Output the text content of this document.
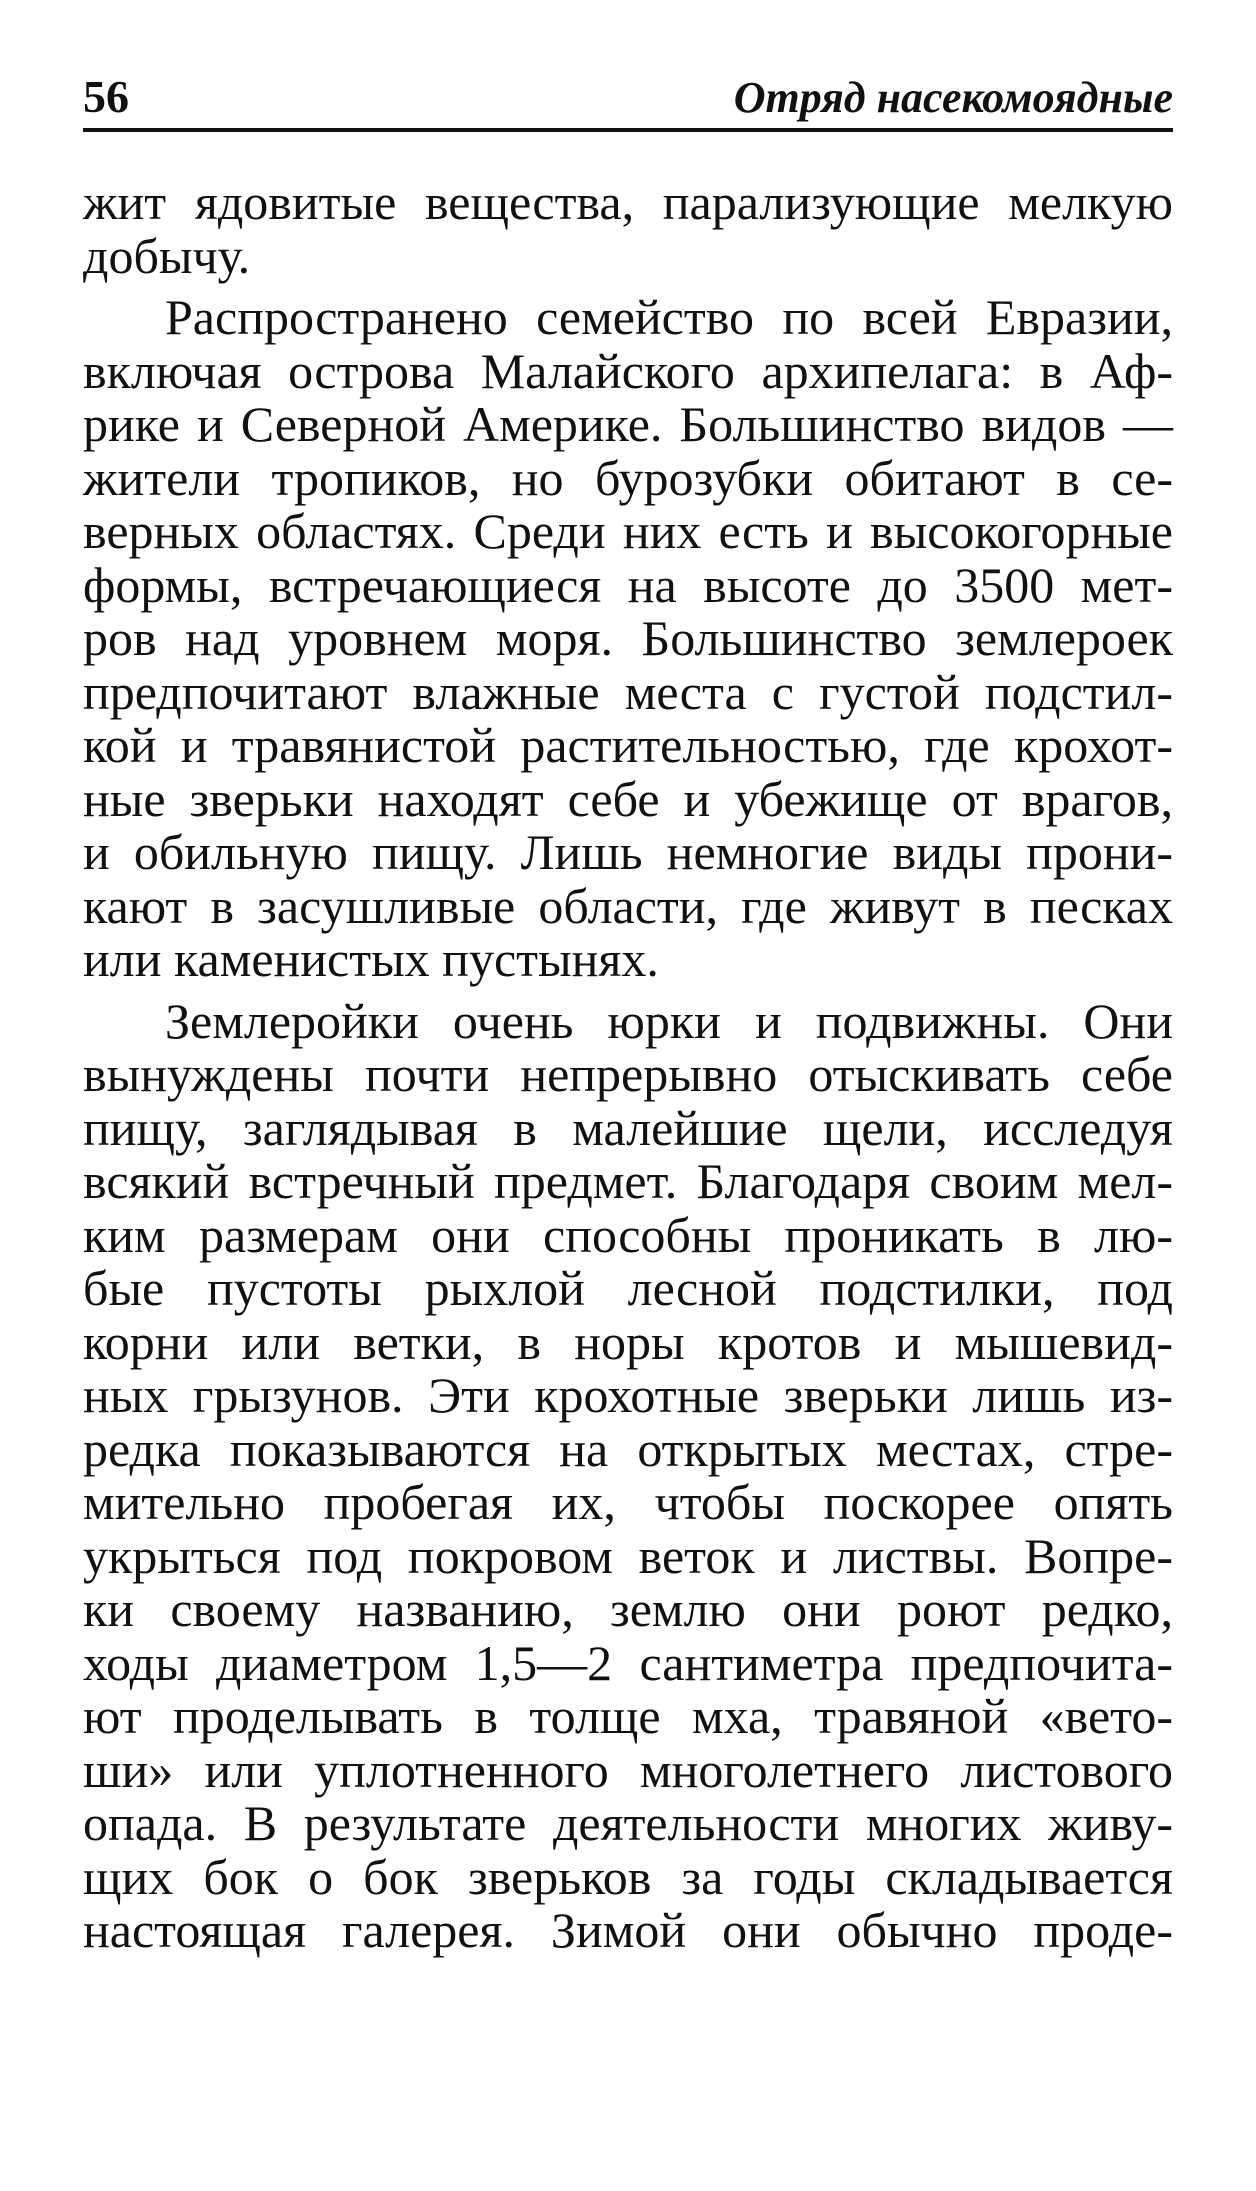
56	Отряд насекомоядные
жит ядовитые вещества, парализующие мелкую
добычу.
Распространено семейство по всей Евразии,
включая острова Малайского архипелага: в Аф-
рике и Северной Америке. Большинство видов —
жители тропиков, но бурозубки обитают в се-
верных областях. Среди них есть и высокогорные
формы, встречающиеся на высоте до 3500 мет-
ров над уровнем моря. Большинство землероек
предпочитают влажные места с густой подстил-
кой и травянистой растительностью, где крохот-
ные зверьки находят себе и убежище от врагов,
и обильную пищу. Лишь немногие виды прони-
кают в засушливые области, где живут в песках
или каменистых пустынях.
Землеройки очень юрки и подвижны. Они
вынуждены почти непрерывно отыскивать себе
пищу, заглядывая в малейшие щели, исследуя
всякий встречный предмет. Благодаря своим мел-
ким размерам они способны проникать в лю-
бые пустоты рыхлой лесной подстилки, под
корни или ветки, в норы кротов и мышевид-
ных грызунов. Эти крохотные зверьки лишь из-
редка показываются на открытых местах, стре-
мительно пробегая их, чтобы поскорее опять
укрыться под покровом веток и листвы. Вопре-
ки своему названию, землю они роют редко,
ходы диаметром 1,5—2 сантиметра предпочита-
ют проделывать в толще мха, травяной «вето-
ши» или уплотненного многолетнего листового
опада. В результате деятельности многих живу-
щих бок о бок зверьков за годы складывается
настоящая галерея. Зимой они обычно проде-
